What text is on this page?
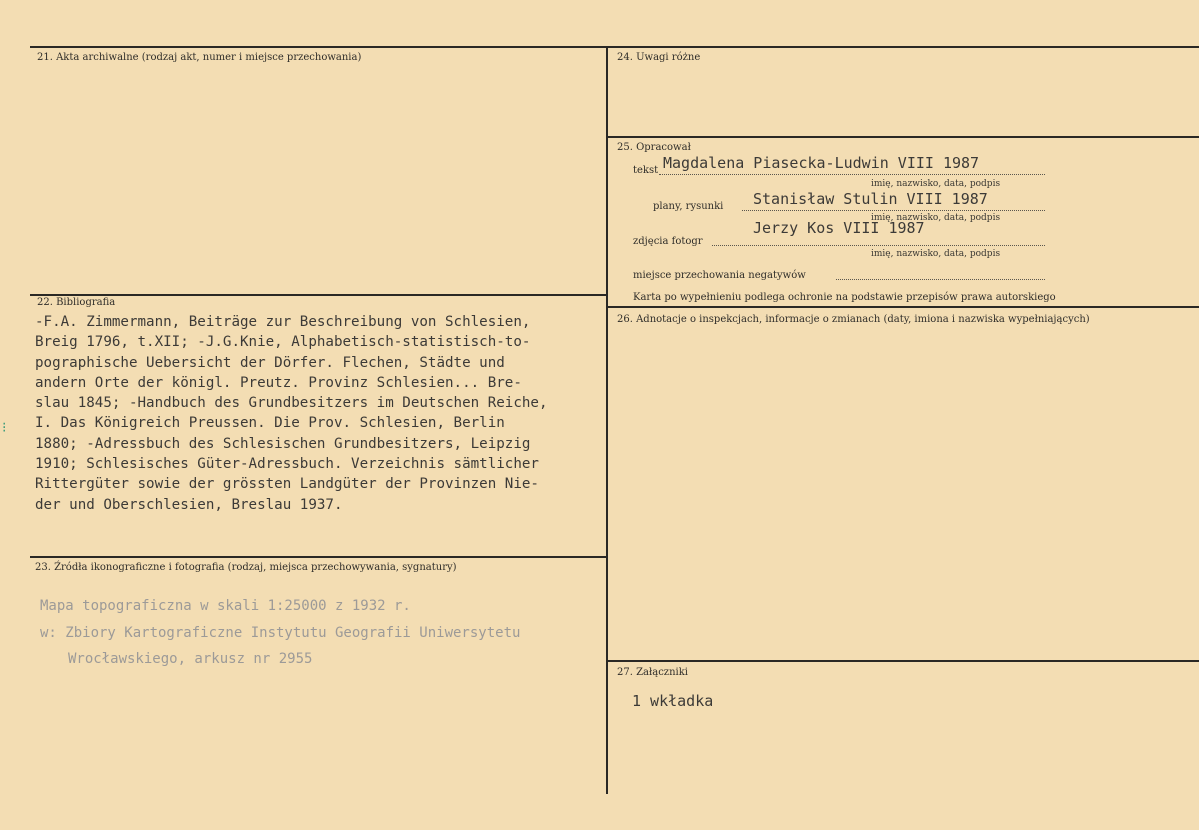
21. Akta archiwalne (rodzaj akt, numer i miejsce przechowania)
22. Bibliografia
23. Źródła ikonograficzne i fotografia (rodzaj, miejsca przechowywania, sygnatury)
24. Uwagi różne
25. Opracował
26. Adnotacje o inspekcjach, informacje o zmianach (daty, imiona i nazwiska wypełniających)
27. Załączniki
tekst Magdalena Piasecka-Ludwin VIII 1987
imię, nazwisko, data, podpis
plany, rysunki Stanisław Stulin VIII 1987
imię, nazwisko, data, podpis
zdjęcia fotogr
Jerzy Kos VIII 1987
imię, nazwisko, data, podpis
miejsce przechowania negatywów
Karta po wypełnieniu podlega ochronie na podstawie przepisów prawa autorskiego
-F.A. Zimmermann, Beiträge zur Beschreibung von Schlesien,
Breig 1796, t.XII; -J.G.Knie, Alphabetisch-statistisch-to-
pographische Uebersicht der Dörfer. Flechen, Städte und
andern Orte der königl. Preutz. Provinz Schlesien... Bre-
slau 1845; -Handbuch des Grundbesitzers im Deutschen Reiche,
I. Das Königreich Preussen. Die Prov. Schlesien, Berlin
1880; -Adressbuch des Schlesischen Grundbesitzers, Leipzig
1910; Schlesisches Güter-Adressbuch. Verzeichnis sämtlicher
Rittergüter sowie der grössten Landgüter der Provinzen Nie-
der und Oberschlesien, Breslau 1937.
Mapa topograficzna w skali 1:25000 z 1932 r.
w: Zbiory Kartograficzne Instytutu Geografii Uniwersytetu
Wrocławskiego, arkusz nr 2955
1 wkładka
⁝
